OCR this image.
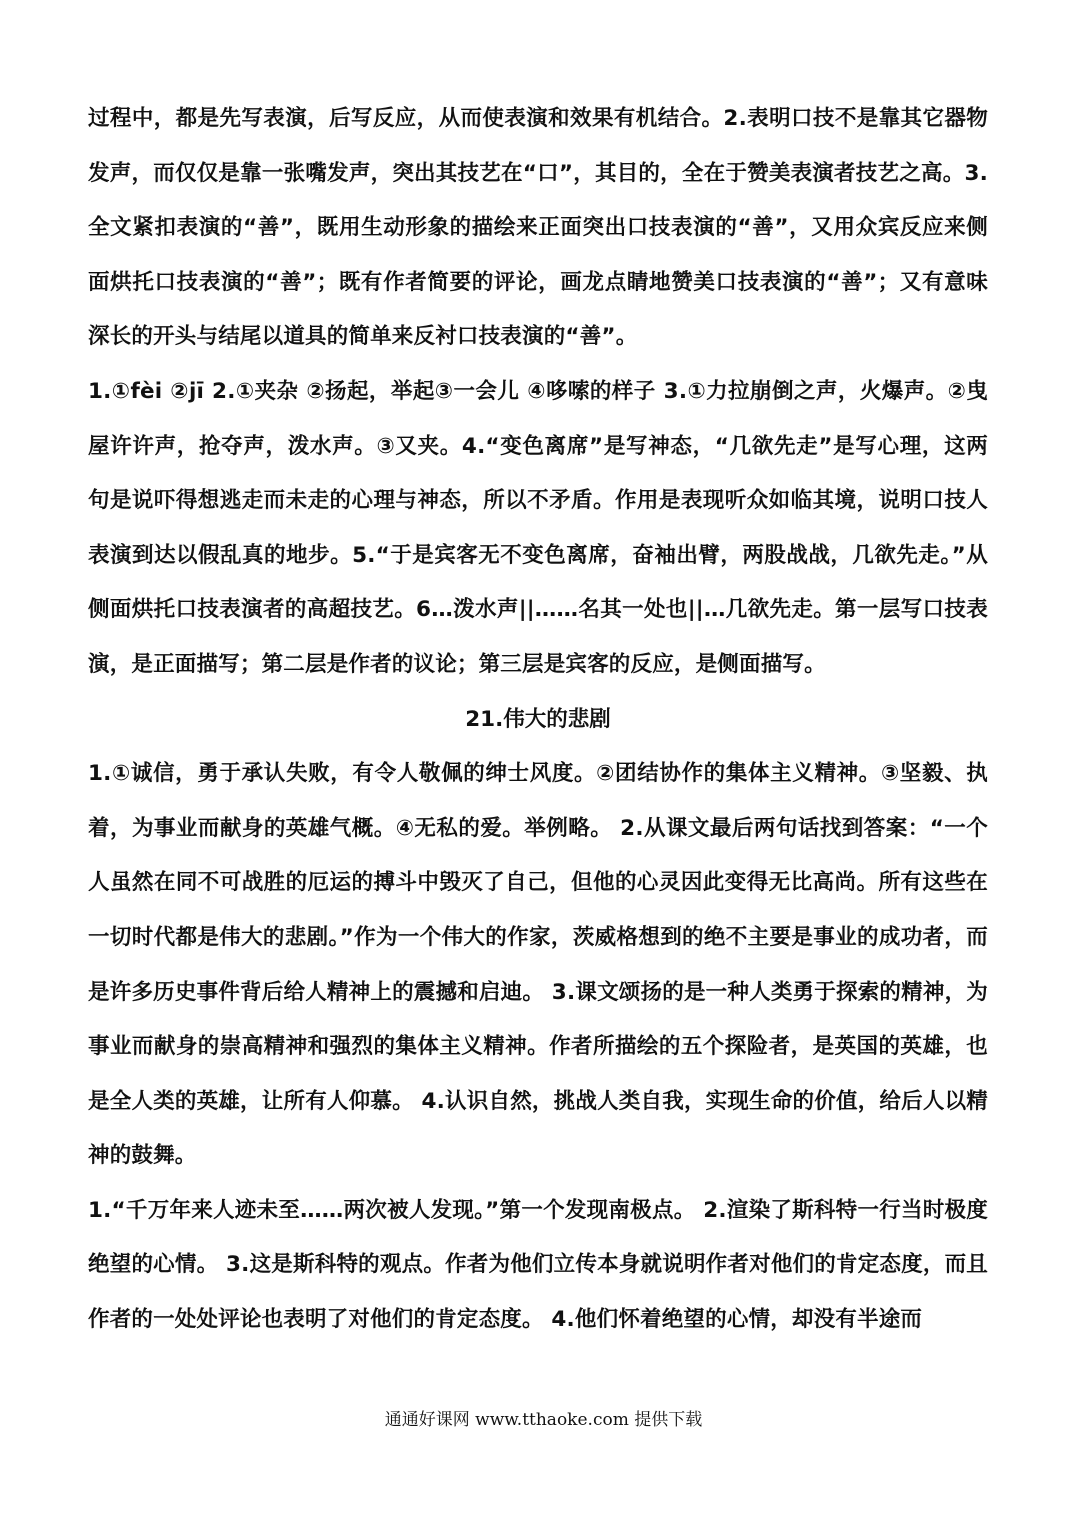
过程中，都是先写表演，后写反应，从而使表演和效果有机结合。2.表明口技不是靠其它器物发声，而仅仅是靠一张嘴发声，突出其技艺在“口”，其目的，全在于赞美表演者技艺之高。3.全文紧扣表演的“善”，既用生动形象的描绘来正面突出口技表演的“善”，又用众宾反应来侧面烘托口技表演的“善”；既有作者简要的评论，画龙点睛地赞美口技表演的“善”；又有意味深长的开头与结尾以道具的简单来反衬口技表演的“善”。

1.①fèi ②jī 2.①夹杂 ②扬起，举起③一会儿 ④哆嗦的样子 3.①力拉崩倒之声，火爆声。②曳屋许许声，抢夺声，泼水声。③又夹。4.“变色离席”是写神态，“几欲先走”是写心理，这两句是说吓得想逃走而未走的心理与神态，所以不矛盾。作用是表现听众如临其境，说明口技人表演到达以假乱真的地步。5.“于是宾客无不变色离席，奋袖出臂，两股战战，几欲先走。”从侧面烘托口技表演者的高超技艺。6…泼水声||……名其一处也||…几欲先走。第一层写口技表演，是正面描写；第二层是作者的议论；第三层是宾客的反应，是侧面描写。

21.伟大的悲剧

1.①诚信，勇于承认失败，有令人敬佩的绅士风度。②团结协作的集体主义精神。③坚毅、执着，为事业而献身的英雄气概。④无私的爱。举例略。 2.从课文最后两句话找到答案：“一个人虽然在同不可战胜的厄运的搏斗中毁灭了自己，但他的心灵因此变得无比高尚。所有这些在一切时代都是伟大的悲剧。”作为一个伟大的作家，茨威格想到的绝不主要是事业的成功者，而是许多历史事件背后给人精神上的震撼和启迪。 3.课文颂扬的是一种人类勇于探索的精神，为事业而献身的崇高精神和强烈的集体主义精神。作者所描绘的五个探险者，是英国的英雄，也是全人类的英雄，让所有人仰慕。 4.认识自然，挑战人类自我，实现生命的价值，给后人以精神的鼓舞。

1.“千万年来人迹未至……两次被人发现。”第一个发现南极点。 2.渲染了斯科特一行当时极度绝望的心情。 3.这是斯科特的观点。作者为他们立传本身就说明作者对他们的肯定态度，而且作者的一处处评论也表明了对他们的肯定态度。 4.他们怀着绝望的心情，却没有半途而

通通好课网 www.tthaoke.com 提供下载
